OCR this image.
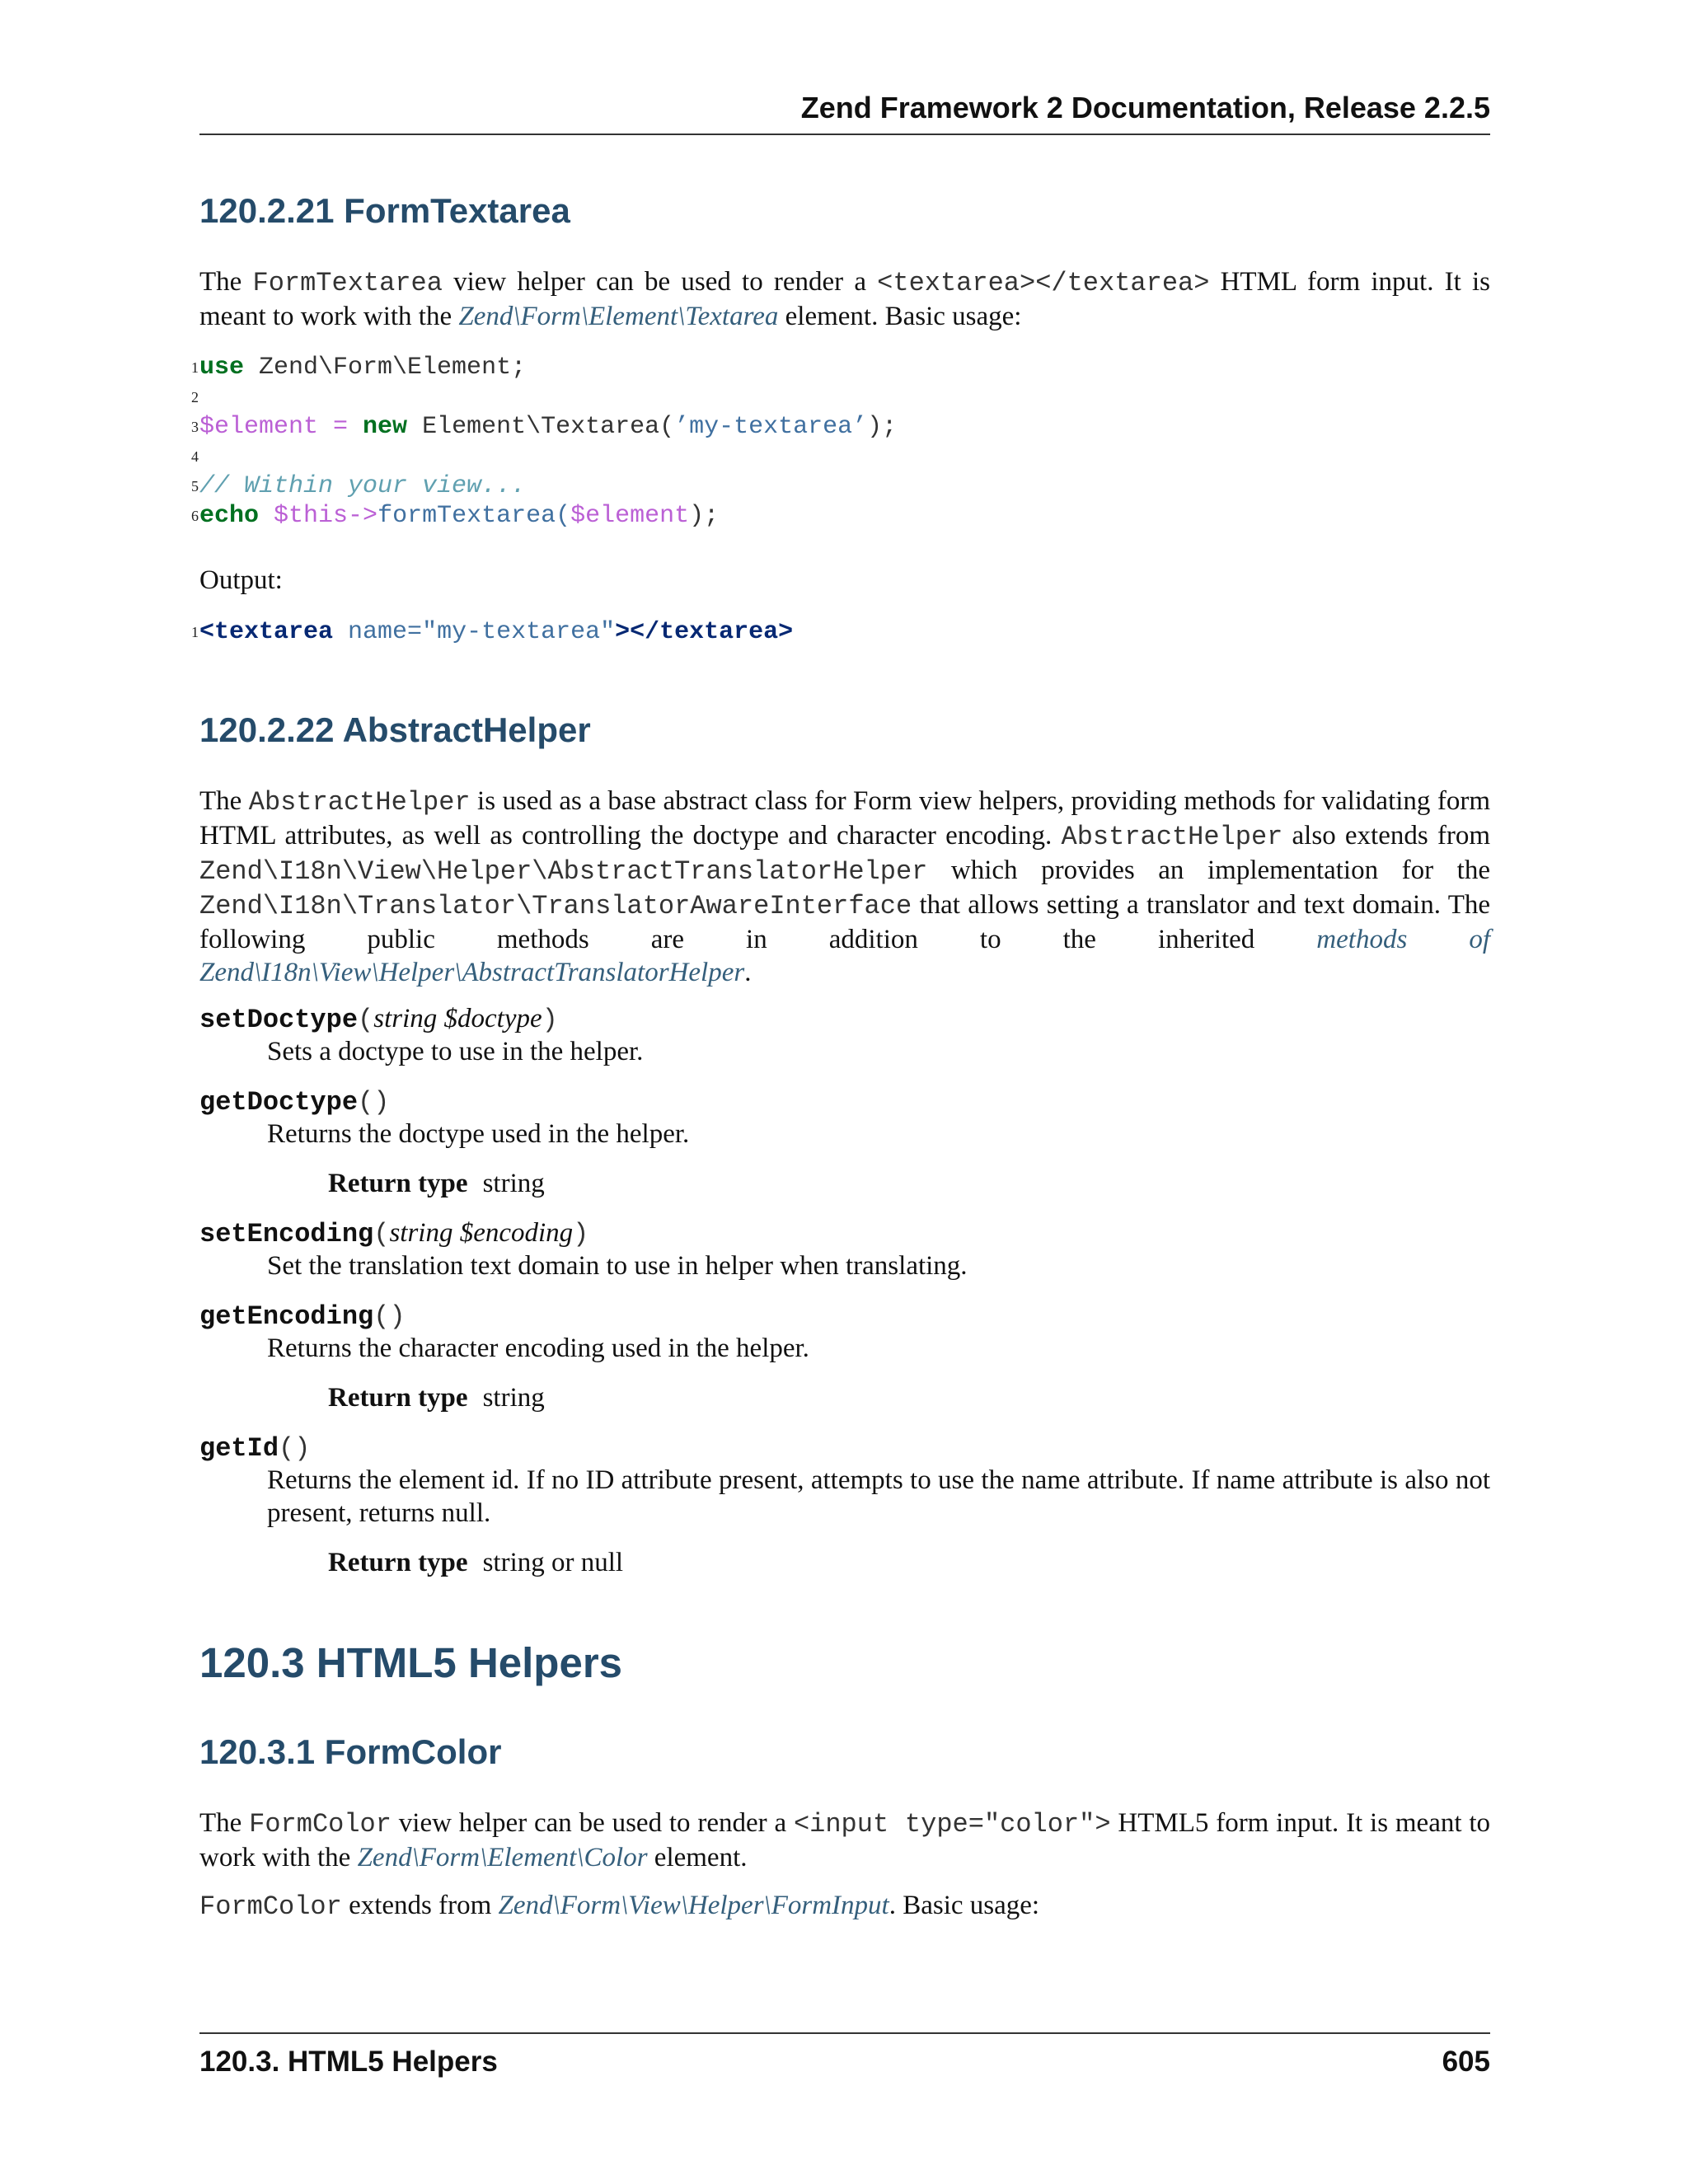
Zend Framework 2 Documentation, Release 2.2.5
120.2.21 FormTextarea

The FormTextarea view helper can be used to render a <textarea></textarea> HTML form input. It is meant to work with the Zend\Form\Element\Textarea element. Basic usage:

1 use Zend\Form\Element;
2
3 $element = new Element\Textarea(’my-textarea’);
4
5 // Within your view...
6 echo $this->formTextarea($element);

Output:

1 <textarea name="my-textarea"></textarea>
120.2.22 AbstractHelper

The AbstractHelper is used as a base abstract class for Form view helpers, providing methods for validating form HTML attributes, as well as controlling the doctype and character encoding. AbstractHelper also extends from Zend\I18n\View\Helper\AbstractTranslatorHelper which provides an implementation for the Zend\I18n\Translator\TranslatorAwareInterface that allows setting a translator and text domain. The following public methods are in addition to the inherited methods of Zend\I18n\View\Helper\AbstractTranslatorHelper.

setDoctype(string $doctype)

Sets a doctype to use in the helper.

getDoctype()

Returns the doctype used in the helper.

Return type string

setEncoding(string $encoding)

Set the translation text domain to use in helper when translating.

getEncoding()

Returns the character encoding used in the helper.

Return type string

getId()

Returns the element id. If no ID attribute present, attempts to use the name attribute. If name attribute is also not present, returns null.

Return type string or null

120.3 HTML5 Helpers
120.3.1 FormColor

The FormColor view helper can be used to render a <input type="color"> HTML5 form input. It is meant to work with the Zend\Form\Element\Color element.

FormColor extends from Zend\Form\View\Helper\FormInput. Basic usage:

120.3. HTML5 Helpers	605
